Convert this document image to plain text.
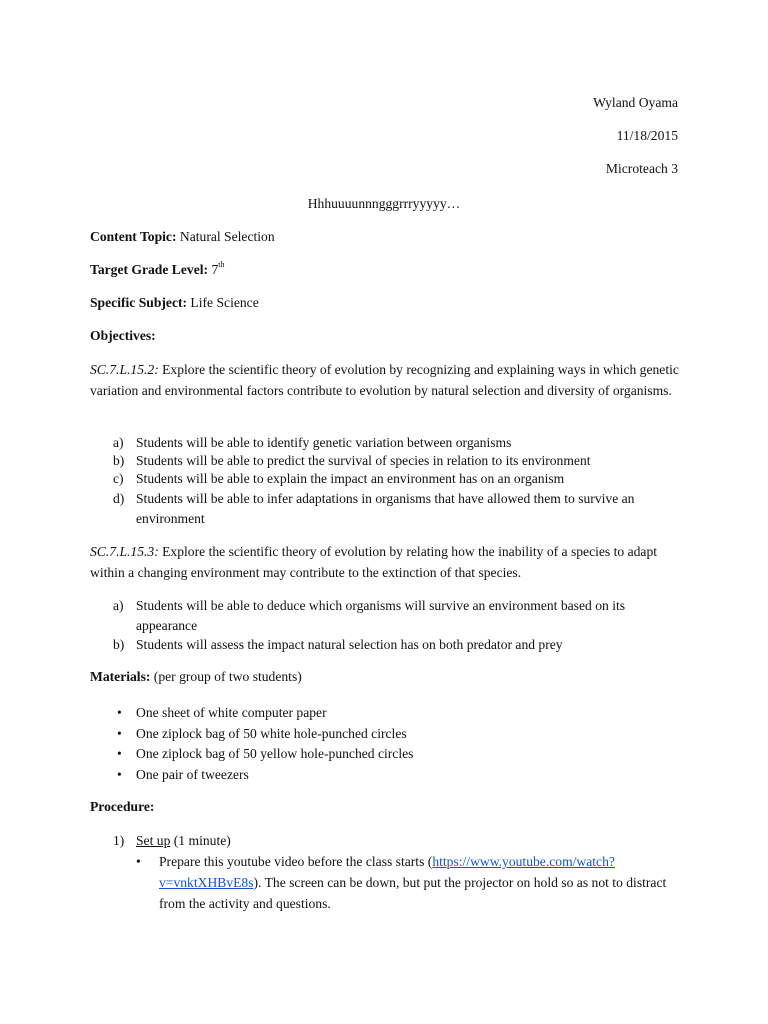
Wyland Oyama
11/18/2015
Microteach 3
Hhhuuuunnngggrrryyyyy…
Content Topic: Natural Selection
Target Grade Level: 7th
Specific Subject: Life Science
Objectives:
SC.7.L.15.2: Explore the scientific theory of evolution by recognizing and explaining ways in which genetic variation and environmental factors contribute to evolution by natural selection and diversity of organisms.
a) Students will be able to identify genetic variation between organisms
b) Students will be able to predict the survival of species in relation to its environment
c) Students will be able to explain the impact an environment has on an organism
d) Students will be able to infer adaptations in organisms that have allowed them to survive an environment
SC.7.L.15.3: Explore the scientific theory of evolution by relating how the inability of a species to adapt within a changing environment may contribute to the extinction of that species.
a) Students will be able to deduce which organisms will survive an environment based on its appearance
b) Students will assess the impact natural selection has on both predator and prey
Materials: (per group of two students)
• One sheet of white computer paper
• One ziplock bag of 50 white hole-punched circles
• One ziplock bag of 50 yellow hole-punched circles
• One pair of tweezers
Procedure:
1) Set up (1 minute)
• Prepare this youtube video before the class starts (https://www.youtube.com/watch?v=vnktXHBvE8s). The screen can be down, but put the projector on hold so as not to distract from the activity and questions.
